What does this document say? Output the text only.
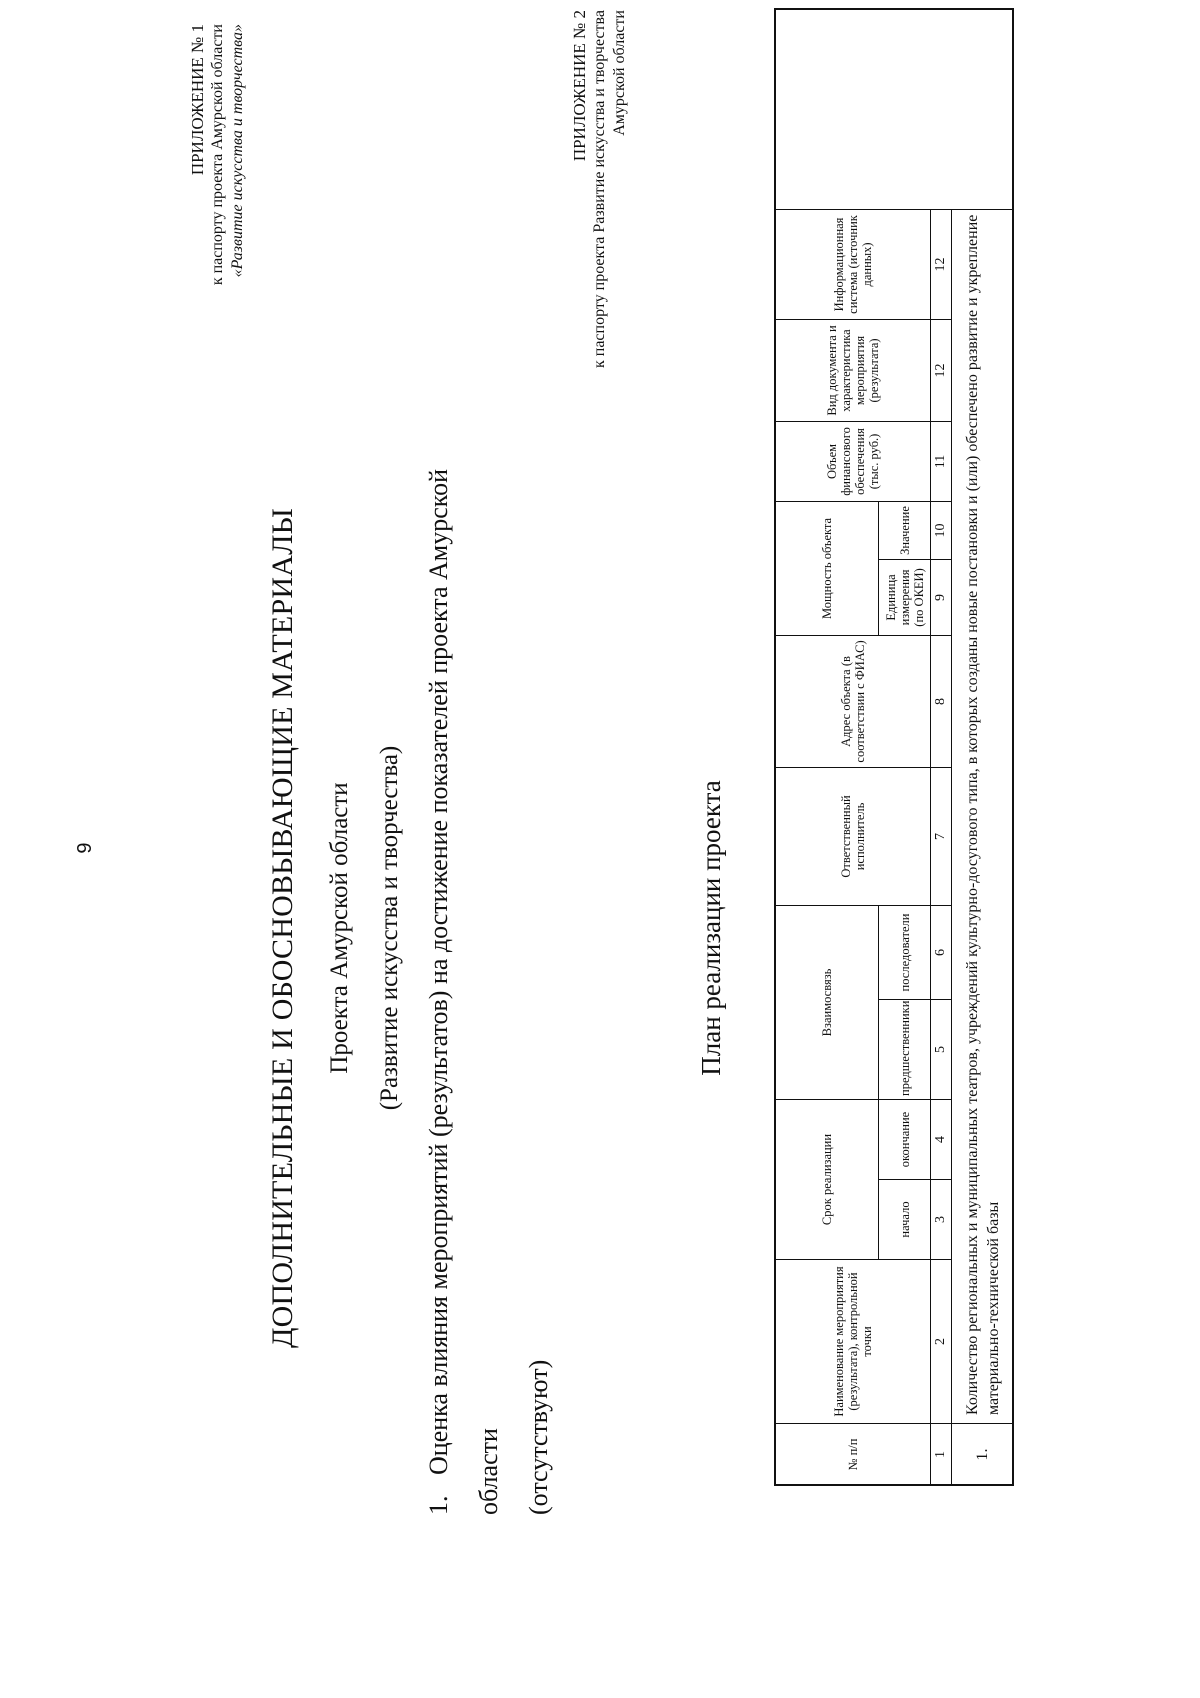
9
ПРИЛОЖЕНИЕ № 1 к паспорту проекта Амурской области «Развитие искусства и творчества»
ДОПОЛНИТЕЛЬНЫЕ И ОБОСНОВЫВАЮЩИЕ МАТЕРИАЛЫ Проекта Амурской области (Развитие искусства и творчества)
1.Оценка влияния мероприятий (результатов) на достижение показателей проекта Амурской области (отсутствуют)
ПРИЛОЖЕНИЕ № 2 к паспорту проекта Развитие искусства и творчества Амурской области
План реализации проекта
№ п/п	Наименование мероприятия (результата), контрольной точки	Срок реализации		Взаимосвязь		Ответственный исполнитель	Адрес объекта (в соответствии с ФИАС)	Мощность объекта		Объем финансового обеспечения (тыс. руб.)	Вид документа и характеристика мероприятия (результата)	Информационная система (источник данных)	
		начало	окончание	предшественники	последователи			Единица измерения (по ОКЕИ)	Значение				
1	2	3	4	5	6	7	8	9	10	11	12	12	
1.	Количество региональных и муниципальных театров, учреждений культурно-досугового типа, в которых созданы новые постановки и (или) обеспечено развитие и укрепление материально-технической базы												
